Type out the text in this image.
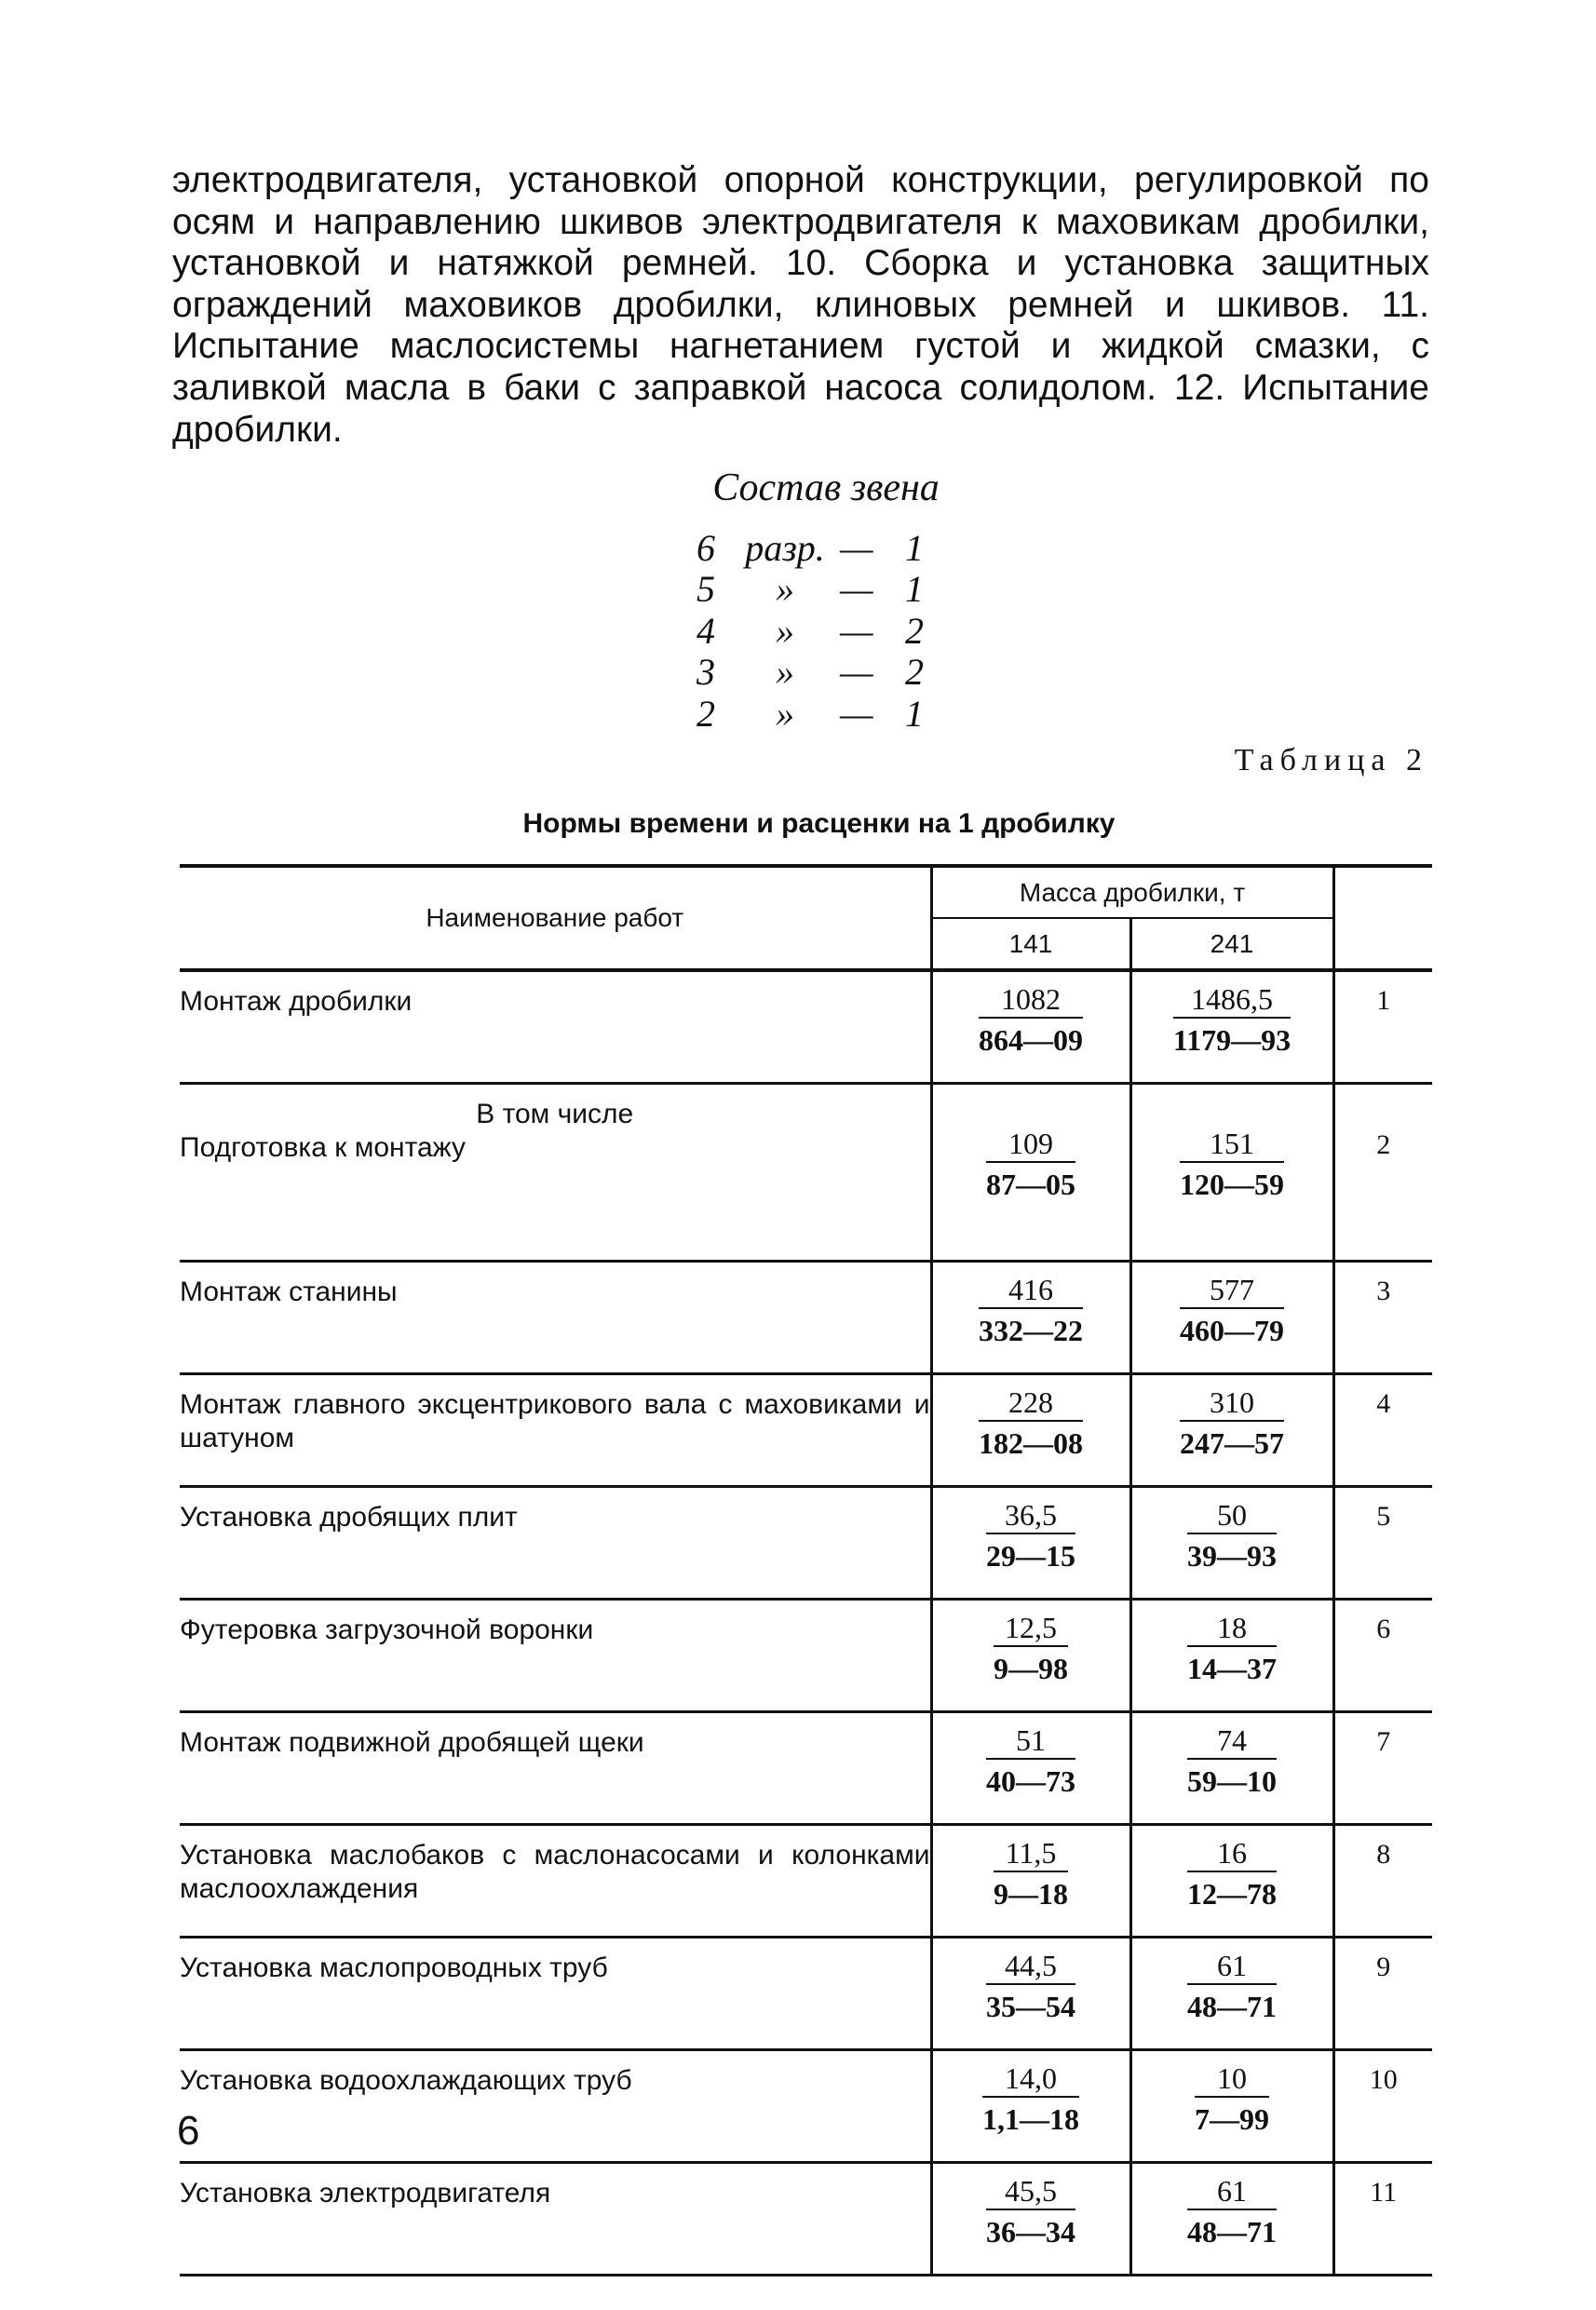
электродвигателя, установкой опорной конструкции, регулировкой по осям и направлению шкивов электродвигателя к маховикам дробилки, установкой и натяжкой ремней. 10. Сборка и установка защитных ограждений маховиков дробилки, клиновых ремней и шкивов. 11. Испытание маслосистемы нагнетанием густой и жидкой смазки, с заливкой масла в баки с заправкой насоса солидолом. 12. Испытание дробилки.

Состав звена
6 разр. — 1
5	»	— 1
4	»	— 2
3	»	— 2
2	»	— 1
Таблица 2
Нормы времени и расценки на 1 дробилку
Наименование работ	Масса дробилки, т		
	141	241	
Монтаж дробилки	$\frac{1082}{864—09}$	$\frac{1486,5}{1179—93}$	1

В том числе
Подготовка к монтажу	$\frac{109}{87—05}$	$\frac{151}{120—59}$	2
Монтаж станины	$\frac{416}{332—22}$	$\frac{577}{460—79}$	3
Монтаж главного эксцентрикового вала с маховиками и шатуном	$\frac{228}{182—08}$	$\frac{310}{247—57}$	4
Установка дробящих плит	$\frac{36,5}{29—15}$	$\frac{50}{39—93}$	5
Футеровка загрузочной воронки	$\frac{12,5}{9—98}$	$\frac{18}{14—37}$	6
Монтаж подвижной дробящей щеки	$\frac{51}{40—73}$	$\frac{74}{59—10}$	7
Установка маслобаков с маслонасосами и колонками маслоохлаждения	$\frac{11,5}{9—18}$	$\frac{16}{12—78}$	8
Установка маслопроводных труб	$\frac{44,5}{35—54}$	$\frac{61}{48—71}$	9
Установка водоохлаждающих труб	$\frac{14,0}{1,1—18}$	$\frac{10}{7—99}$	10
Установка электродвигателя	$\frac{45,5}{36—34}$	$\frac{61}{48—71}$	11
6
